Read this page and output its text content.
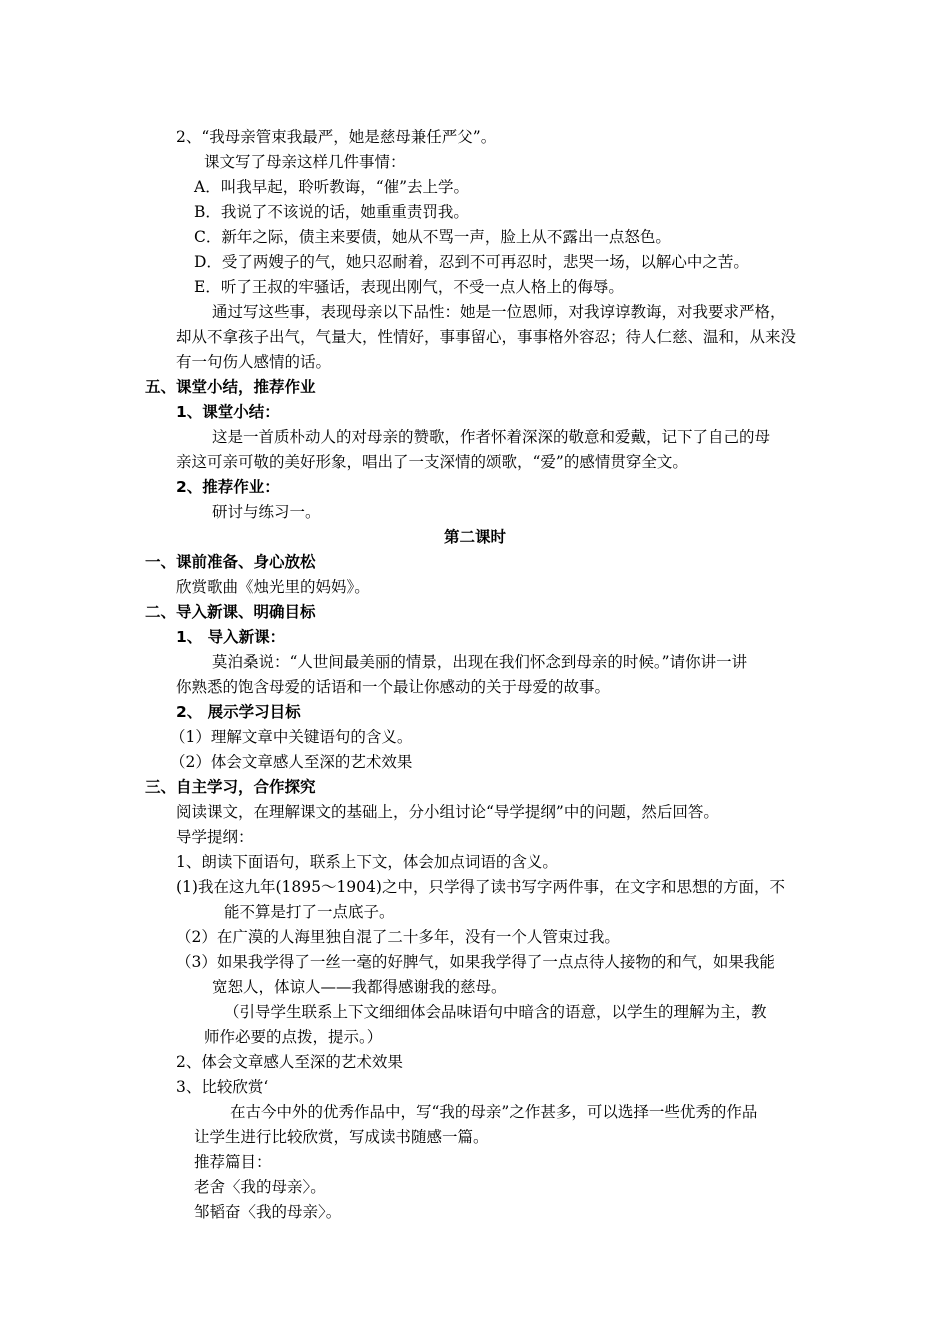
2、“我母亲管束我最严，她是慈母兼任严父”。
课文写了母亲这样几件事情：
A．叫我早起，聆听教诲，“催”去上学。
B．我说了不该说的话，她重重责罚我。
C．新年之际，债主来要债，她从不骂一声，脸上从不露出一点怒色。
D．受了两嫂子的气，她只忍耐着，忍到不可再忍时，悲哭一场，以解心中之苦。
E．听了王叔的牢骚话，表现出刚气，不受一点人格上的侮辱。
通过写这些事，表现母亲以下品性：她是一位恩师，对我谆谆教诲，对我要求严格，
却从不拿孩子出气，气量大，性情好，事事留心，事事格外容忍；待人仁慈、温和，从来没
有一句伤人感情的话。
五、课堂小结，推荐作业
1、课堂小结：
这是一首质朴动人的对母亲的赞歌，作者怀着深深的敬意和爱戴，记下了自己的母
亲这可亲可敬的美好形象，唱出了一支深情的颂歌，“爱”的感情贯穿全文。
2、推荐作业：
研讨与练习一。
第二课时
一、课前准备、身心放松
欣赏歌曲《烛光里的妈妈》。
二、导入新课、明确目标
1、 导入新课：
莫泊桑说：“人世间最美丽的情景，出现在我们怀念到母亲的时候。”请你讲一讲
你熟悉的饱含母爱的话语和一个最让你感动的关于母爱的故事。
2、 展示学习目标
（1）理解文章中关键语句的含义。
（2）体会文章感人至深的艺术效果
三、自主学习，合作探究
阅读课文，在理解课文的基础上，分小组讨论“导学提纲”中的问题，然后回答。
导学提纲：
1、朗读下面语句，联系上下文，体会加点词语的含义。
(1)我在这九年(1895～1904)之中，只学得了读书写字两件事，在文字和思想的方面，不
能不算是打了一点底子。
（2）在广漠的人海里独自混了二十多年，没有一个人管束过我。
（3）如果我学得了一丝一毫的好脾气，如果我学得了一点点待人接物的和气，如果我能
宽恕人，体谅人——我都得感谢我的慈母。
（引导学生联系上下文细细体会品味语句中暗含的语意，以学生的理解为主，教
师作必要的点拨，提示。）
2、体会文章感人至深的艺术效果
3、比较欣赏‘
在古今中外的优秀作品中，写“我的母亲”之作甚多，可以选择一些优秀的作品
让学生进行比较欣赏，写成读书随感一篇。
推荐篇目：
老舍〈我的母亲〉。
邹韬奋〈我的母亲〉。
